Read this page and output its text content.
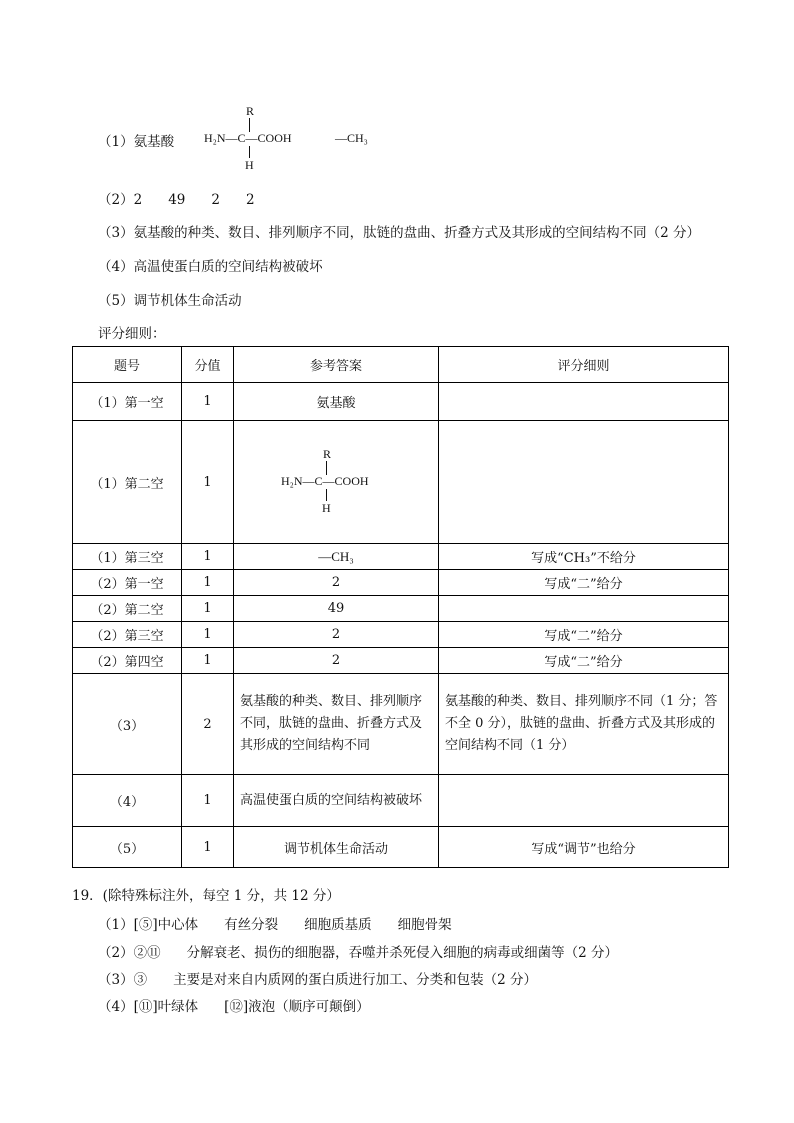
（1）氨基酸
R
H₂N—C—COOH
H
—CH₃
（2）2 49 2 2
（3）氨基酸的种类、数目、排列顺序不同，肽链的盘曲、折叠方式及其形成的空间结构不同（2 分）
（4）高温使蛋白质的空间结构被破坏
（5）调节机体生命活动
评分细则：
题号	分值	参考答案	评分细则
（1）第一空	1	氨基酸	
（1）第二空	1	R
H₂N—C—COOH
H	

（1）第三空	1	—CH₃	写成“CH₃”不给分
（2）第一空	1	2	写成“二”给分
（2）第二空	1	49	
（2）第三空	1	2	写成“二”给分
（2）第四空	1	2	写成“二”给分
（3）	2	氨基酸的种类、数目、排列顺序不同，肽链的盘曲、折叠方式及其形成的空间结构不同	氨基酸的种类、数目、排列顺序不同（1 分；答不全 0 分），肽链的盘曲、折叠方式及其形成的空间结构不同（1 分）
（4）	1	高温使蛋白质的空间结构被破坏	
（5）	1	调节机体生命活动	写成“调节”也给分
19．(除特殊标注外，每空 1 分，共 12 分）
（1）[⑤]中心体 有丝分裂 细胞质基质 细胞骨架
（2）②⑪ 分解衰老、损伤的细胞器，吞噬并杀死侵入细胞的病毒或细菌等（2 分）
（3）③ 主要是对来自内质网的蛋白质进行加工、分类和包装（2 分）
（4）[⑪]叶绿体 [⑫]液泡（顺序可颠倒）
